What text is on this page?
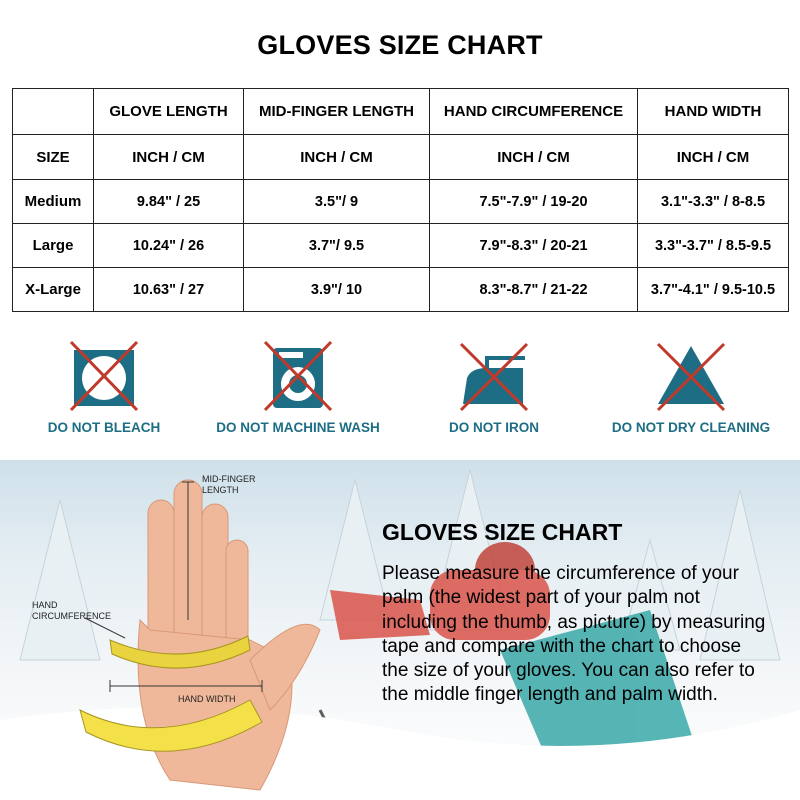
GLOVES SIZE CHART
	GLOVE LENGTH	MID-FINGER LENGTH	HAND CIRCUMFERENCE	HAND WIDTH
SIZE	INCH / CM	INCH / CM	INCH / CM	INCH / CM
Medium	9.84" / 25	3.5"/ 9	7.5"-7.9" / 19-20	3.1"-3.3" / 8-8.5
Large	10.24" / 26	3.7"/ 9.5	7.9"-8.3" / 20-21	3.3"-3.7" / 8.5-9.5
X-Large	10.63" / 27	3.9"/ 10	8.3"-8.7" / 21-22	3.7"-4.1" / 9.5-10.5
DO NOT BLEACH	DO NOT MACHINE WASH	DO NOT IRON	DO NOT DRY CLEANING
MID-FINGER
LENGTH
HAND
CIRCUMFERENCE
HAND WIDTH
GLOVES SIZE CHART
Please measure the circumference of your palm (the widest part of your palm not including the thumb, as picture) by measuring tape and compare with the chart to choose the size of your gloves. You can also refer to the middle finger length and palm width.
